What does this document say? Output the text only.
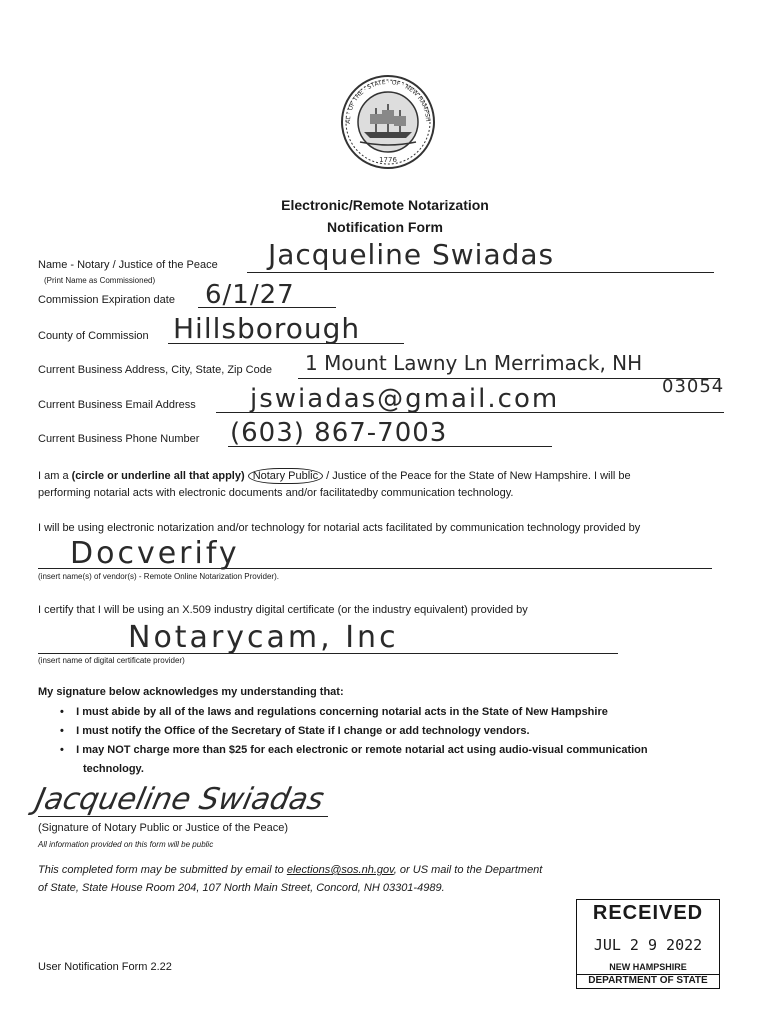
1776
AL · OF THE · STATE · OF · NEW HAMPSH
Electronic/Remote Notarization
Notification Form
Name - Notary / Justice of the Peace Jacqueline Swiadas
(Print Name as Commissioned)
Commission Expiration date 6/1/27
County of Commission Hillsborough
Current Business Address, City, State, Zip Code 1 Mount Lawny Ln Merrimack, NH
03054
Current Business Email Address jswiadas@gmail.com
Current Business Phone Number (603) 867-7003
I am a (circle or underline all that apply) Notary Public / Justice of the Peace for the State of New Hampshire. I will be
performing notarial acts with electronic documents and/or facilitatedby communication technology.
I will be using electronic notarization and/or technology for notarial acts facilitated by communication technology provided by
Docverify
(insert name(s) of vendor(s) - Remote Online Notarization Provider).
I certify that I will be using an X.509 industry digital certificate (or the industry equivalent) provided by
Notarycam, Inc
(insert name of digital certificate provider)
My signature below acknowledges my understanding that:
•    I must abide by all of the laws and regulations concerning notarial acts in the State of New Hampshire
•    I must notify the Office of the Secretary of State if I change or add technology vendors.
•    I may NOT charge more than $25 for each electronic or remote notarial act using audio-visual communication
technology.
Jacqueline Swiadas
(Signature of Notary Public or Justice of the Peace)
All information provided on this form will be public
This completed form may be submitted by email to elections@sos.nh.gov, or US mail to the Department
of State, State House Room 204, 107 North Main Street, Concord, NH 03301-4989.
User Notification Form 2.22
RECEIVED
JUL 2 9 2022
NEW HAMPSHIRE
DEPARTMENT OF STATE
